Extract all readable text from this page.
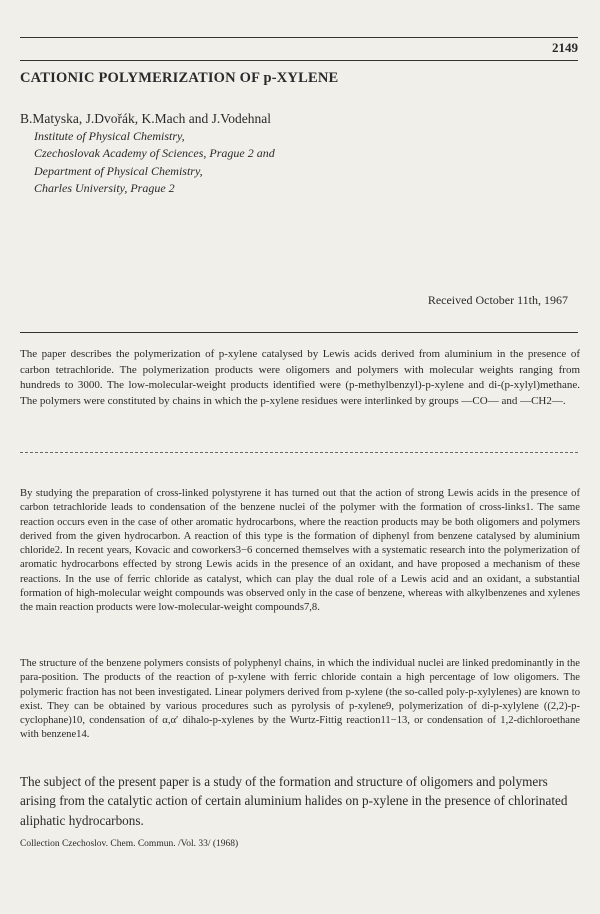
2149
CATIONIC POLYMERIZATION OF p-XYLENE
B.Matyska, J.Dvořák, K.Mach and J.Vodehnal
Institute of Physical Chemistry,
Czechoslovak Academy of Sciences, Prague 2 and
Department of Physical Chemistry,
Charles University, Prague 2
Received October 11th, 1967

The paper describes the polymerization of p-xylene catalysed by Lewis acids derived from aluminium in the presence of carbon tetrachloride. The polymerization products were oligomers and polymers with molecular weights ranging from hundreds to 3000. The low-molecular-weight products identified were (p-methylbenzyl)-p-xylene and di-(p-xylyl)methane. The polymers were constituted by chains in which the p-xylene residues were interlinked by groups —CO— and —CH2—.

By studying the preparation of cross-linked polystyrene it has turned out that the action of strong Lewis acids in the presence of carbon tetrachloride leads to condensation of the benzene nuclei of the polymer with the formation of cross-links1. The same reaction occurs even in the case of other aromatic hydrocarbons, where the reaction products may be both oligomers and polymers derived from the given hydrocarbon. A reaction of this type is the formation of diphenyl from benzene catalysed by aluminium chloride2. In recent years, Kovacic and coworkers3−6 concerned themselves with a systematic research into the polymerization of aromatic hydrocarbons effected by strong Lewis acids in the presence of an oxidant, and have proposed a mechanism of these reactions. In the use of ferric chloride as catalyst, which can play the dual role of a Lewis acid and an oxidant, a substantial formation of high-molecular weight compounds was observed only in the case of benzene, whereas with alkylbenzenes and xylenes the main reaction products were low-molecular-weight compounds7,8.

The structure of the benzene polymers consists of polyphenyl chains, in which the individual nuclei are linked predominantly in the para-position. The products of the reaction of p-xylene with ferric chloride contain a high percentage of low oligomers. The polymeric fraction has not been investigated. Linear polymers derived from p-xylene (the so-called poly-p-xylylenes) are known to exist. They can be obtained by various procedures such as pyrolysis of p-xylene9, polymerization of di-p-xylylene ((2,2)-p-cyclophane)10, condensation of α,α′ dihalo-p-xylenes by the Wurtz-Fittig reaction11−13, or condensation of 1,2-dichloroethane with benzene14.

The subject of the present paper is a study of the formation and structure of oligomers and polymers arising from the catalytic action of certain aluminium halides on p-xylene in the presence of chlorinated aliphatic hydrocarbons.

Collection Czechoslov. Chem. Commun. /Vol. 33/ (1968)
